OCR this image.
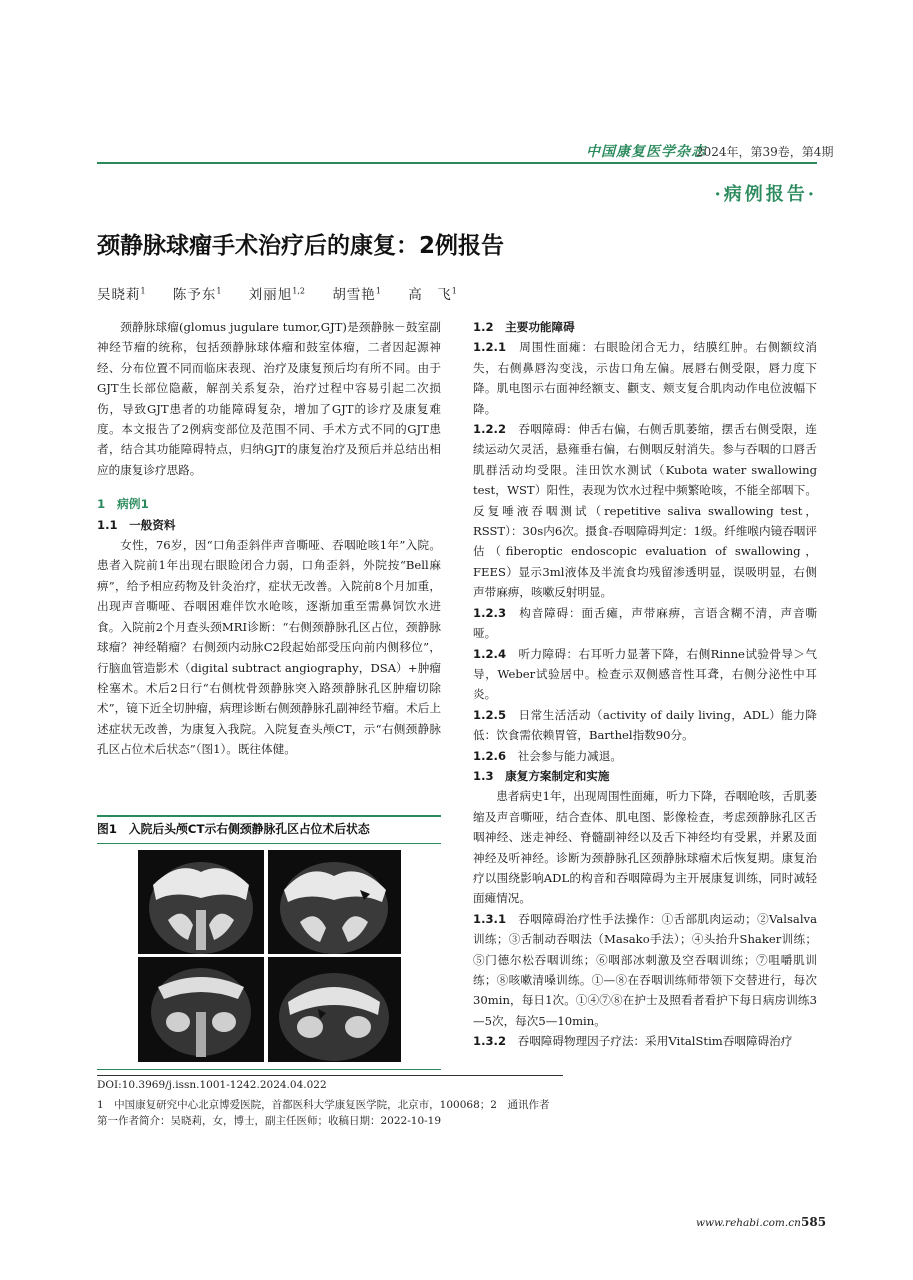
中国康复医学杂志
2024年，第39卷，第4期
·病例报告·
颈静脉球瘤手术治疗后的康复：2例报告
吴晓莉$^1$ 陈予东$^1$ 刘丽旭$^{1,2}$ 胡雪艳$^1$ 高　飞$^1$

颈静脉球瘤(glomus jugulare tumor,GJT)是颈静脉－鼓室副神经节瘤的统称，包括颈静脉球体瘤和鼓室体瘤，二者因起源神经、分布位置不同而临床表现、治疗及康复预后均有所不同。由于GJT生长部位隐蔽，解剖关系复杂，治疗过程中容易引起二次损伤，导致GJT患者的功能障碍复杂，增加了GJT的诊疗及康复难度。本文报告了2例病变部位及范围不同、手术方式不同的GJT患者，结合其功能障碍特点，归纳GJT的康复治疗及预后并总结出相应的康复诊疗思路。

1　病例1

1.1　一般资料

女性，76岁，因“口角歪斜伴声音嘶哑、吞咽呛咳1年”入院。患者入院前1年出现右眼睑闭合力弱，口角歪斜，外院按“Bell麻痹”，给予相应药物及针灸治疗，症状无改善。入院前8个月加重，出现声音嘶哑、吞咽困难伴饮水呛咳，逐渐加重至需鼻饲饮水进食。入院前2个月查头颈MRI诊断：“右侧颈静脉孔区占位，颈静脉球瘤？神经鞘瘤？右侧颈内动脉C2段起始部受压向前内侧移位”，行脑血管造影术（digital subtract angiography，DSA）+肿瘤栓塞术。术后2日行“右侧枕骨颈静脉突入路颈静脉孔区肿瘤切除术”，镜下近全切肿瘤，病理诊断右侧颈静脉孔副神经节瘤。术后上述症状无改善，为康复入我院。入院复查头颅CT，示“右侧颈静脉孔区占位术后状态”（图1）。既往体健。

图1　入院后头颅CT示右侧颈静脉孔区占位术后状态

1.2　主要功能障碍

1.2.1　周围性面瘫：右眼睑闭合无力，结膜红肿。右侧额纹消失，右侧鼻唇沟变浅，示齿口角左偏。展唇右侧受限，唇力度下降。肌电图示右面神经额支、颧支、颊支复合肌肉动作电位波幅下降。

1.2.2　吞咽障碍：伸舌右偏，右侧舌肌萎缩，摆舌右侧受限，连续运动欠灵活，悬雍垂右偏，右侧咽反射消失。参与吞咽的口唇舌肌群活动均受限。洼田饮水测试（Kubota water swallowing test，WST）阳性，表现为饮水过程中频繁呛咳，不能全部咽下。反复唾液吞咽测试（repetitive saliva swallowing test，RSST）：30s内6次。摄食-吞咽障碍判定：1级。纤维喉内镜吞咽评估（fiberoptic endoscopic evaluation of swallowing，FEES）显示3ml液体及半流食均残留渗透明显，误吸明显，右侧声带麻痹，咳嗽反射明显。

1.2.3　构音障碍：面舌瘫，声带麻痹，言语含糊不清，声音嘶哑。

1.2.4　听力障碍：右耳听力显著下降，右侧Rinne试验骨导＞气导，Weber试验居中。检查示双侧感音性耳聋，右侧分泌性中耳炎。

1.2.5　日常生活活动（activity of daily living，ADL）能力降低：饮食需依赖胃管，Barthel指数90分。

1.2.6　社会参与能力减退。

1.3　康复方案制定和实施

患者病史1年，出现周围性面瘫，听力下降，吞咽呛咳，舌肌萎缩及声音嘶哑，结合查体、肌电图、影像检查，考虑颈静脉孔区舌咽神经、迷走神经、脊髓副神经以及舌下神经均有受累，并累及面神经及听神经。诊断为颈静脉孔区颈静脉球瘤术后恢复期。康复治疗以围绕影响ADL的构音和吞咽障碍为主开展康复训练，同时减轻面瘫情况。

1.3.1　吞咽障碍治疗性手法操作：①舌部肌肉运动；②Valsalva训练；③舌制动吞咽法（Masako手法）；④头抬升Shaker训练；⑤门德尔松吞咽训练；⑥咽部冰刺激及空吞咽训练；⑦咀嚼肌训练；⑧咳嗽清嗓训练。①—⑧在吞咽训练师带领下交替进行，每次30min，每日1次。①④⑦⑧在护士及照看者看护下每日病房训练3—5次，每次5—10min。

1.3.2　吞咽障碍物理因子疗法：采用VitalStim吞咽障碍治疗

DOI:10.3969/j.issn.1001-1242.2024.04.022
1　中国康复研究中心北京博爱医院，首都医科大学康复医学院，北京市，100068；2　通讯作者
第一作者简介：吴晓莉，女，博士，副主任医师；收稿日期：2022-10-19
www.rehabi.com.cn 585
